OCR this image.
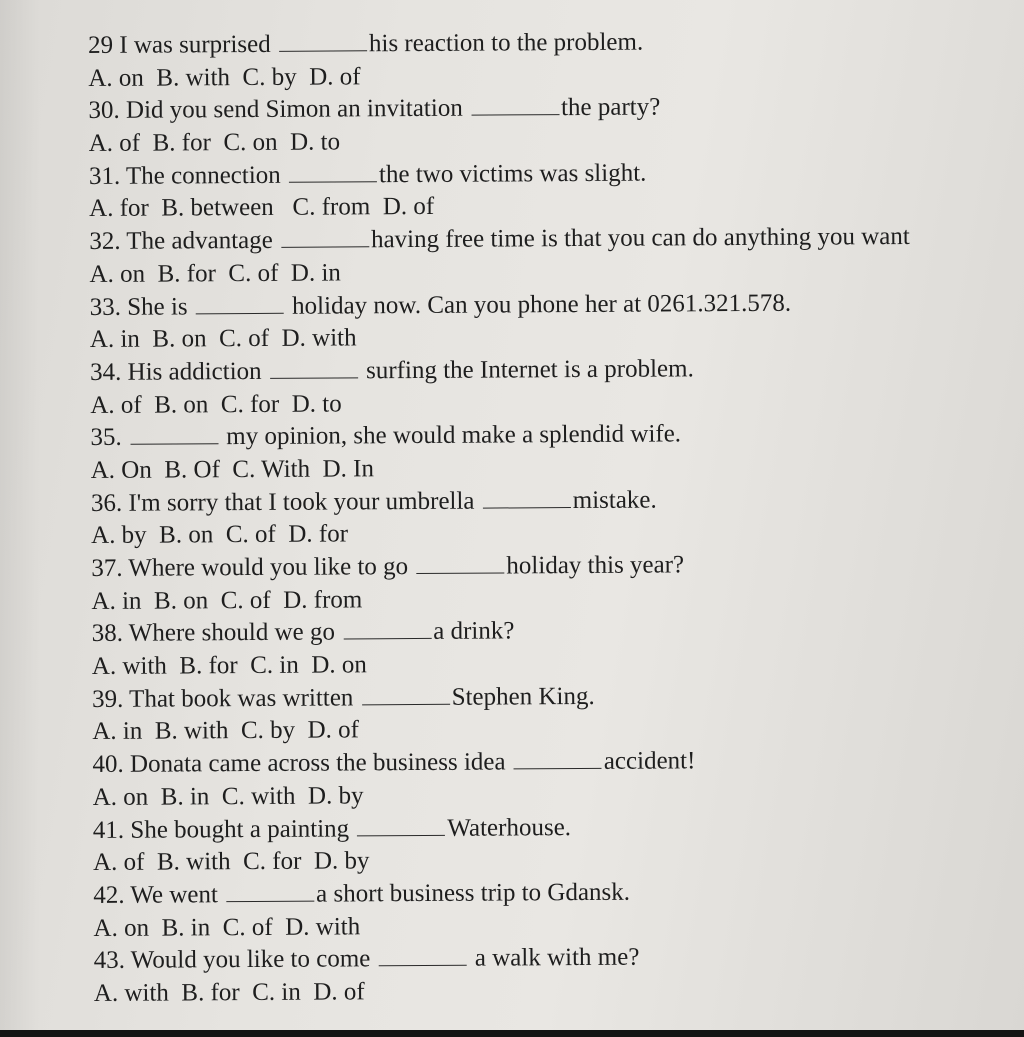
29 I was surprised	his reaction to the problem.
A. on  B. with  C. by  D. of
30. Did you send Simon an invitation	the party?
A. of  B. for  C. on  D. to
31. The connection	the two victims was slight.
A. for  B. between   C. from  D. of
32. The advantage	having free time is that you can do anything you want
A. on  B. for  C. of  D. in
33. She is	holiday now. Can you phone her at 0261.321.578.
A. in  B. on  C. of  D. with
34. His addiction	surfing the Internet is a problem.
A. of  B. on  C. for  D. to
35.	my opinion, she would make a splendid wife.
A. On  B. Of  C. With  D. In
36. I'm sorry that I took your umbrella	mistake.
A. by  B. on  C. of  D. for
37. Where would you like to go	holiday this year?
A. in  B. on  C. of  D. from
38. Where should we go	a drink?
A. with  B. for  C. in  D. on
39. That book was written	Stephen King.
A. in  B. with  C. by  D. of
40. Donata came across the business idea	accident!
A. on  B. in  C. with  D. by
41. She bought a painting	Waterhouse.
A. of  B. with  C. for  D. by
42. We went	a short business trip to Gdansk.
A. on  B. in  C. of  D. with
43. Would you like to come	a walk with me?
A. with  B. for  C. in  D. of
